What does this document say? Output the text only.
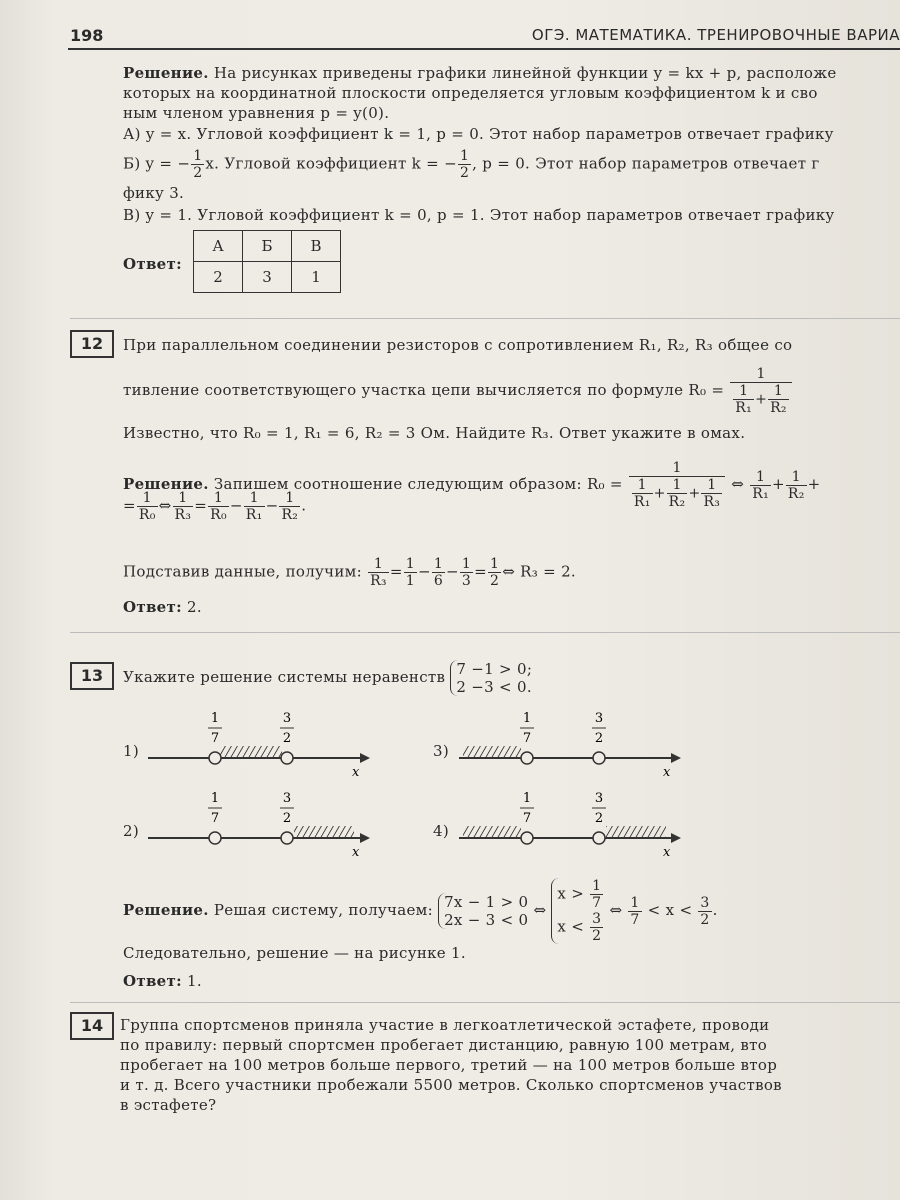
198	ОГЭ. МАТЕМАТИКА. ТРЕНИРОВОЧНЫЕ ВАРИА
Решение. На рисунках приведены графики линейной функции y = kx + p, расположе
которых на координатной плоскости определяется угловым коэффициентом k и сво
ным членом уравнения p = y(0).
А) y = x. Угловой коэффициент k = 1, p = 0. Этот набор параметров отвечает графику
Б) y = − $\frac{1}{2} x$. Угловой коэффициент k = − $\frac{1}{2}$ , p = 0. Этот набор параметров отвечает г
фику 3.
В) y = 1. Угловой коэффициент k = 0, p = 1. Этот набор параметров отвечает графику
Ответ:
А	Б	В
2	3	1
12	При параллельном соединении резисторов с сопротивлением R₁, R₂, R₃ общее со
тивление соответствующего участка цепи вычисляется по формуле $R_0 = \frac{1}{\frac{1}{\text{R₁}} + \frac{1}{\text{R₂}}}$
Известно, что R₀ = 1, R₁ = 6, R₂ = 3 Ом. Найдите R₃. Ответ укажите в омах.
Решение. Запишем соотношение следующим образом: $R_0 = \frac{1}{\frac{1}{\text{R₁}} + \frac{1}{\text{R₂}} + \frac{1}{\text{R₃}}}$ ⇔ $\frac{1}{\text{R₁}} + \frac{1}{\text{R₂}}$ +
= $\frac{1}{\text{R₀}}$ ⇔ $\frac{1}{\text{R₃}} = \frac{1}{\text{R₀}} - \frac{1}{\text{R₁}} - \frac{1}{\text{R₂}}$ .
Подставив данные, получим: $\frac{1}{\text{R₃}} = \frac{1}{1} - \frac{1}{6} - \frac{1}{3} = \frac{1}{2}$ ⇔ R₃ = 2.
Ответ: 2.
13	Укажите решение системы неравенств 7 −1 > 0;
2 −3 < 0.
1)
1
7
3
2
x
3)
1
7
3
2
x
2)
1
7
3
2
x
4)
1
7
3
2
x
Решение. Решая систему, получаем: 7x − 1 > 0
2x − 3 < 0
⇔
$x > \frac{1}{7}$
$x < \frac{3}{2}$
⇔ $\frac{1}{7} < x < \frac{3}{2}$ .
Следовательно, решение — на рисунке 1.
Ответ: 1.
14	Группа спортсменов приняла участие в легкоатлетической эстафете, проводи
по правилу: первый спортсмен пробегает дистанцию, равную 100 метрам, вто
пробегает на 100 метров больше первого, третий — на 100 метров больше втор
и т. д. Всего участники пробежали 5500 метров. Сколько спортсменов участвов
в эстафете?
